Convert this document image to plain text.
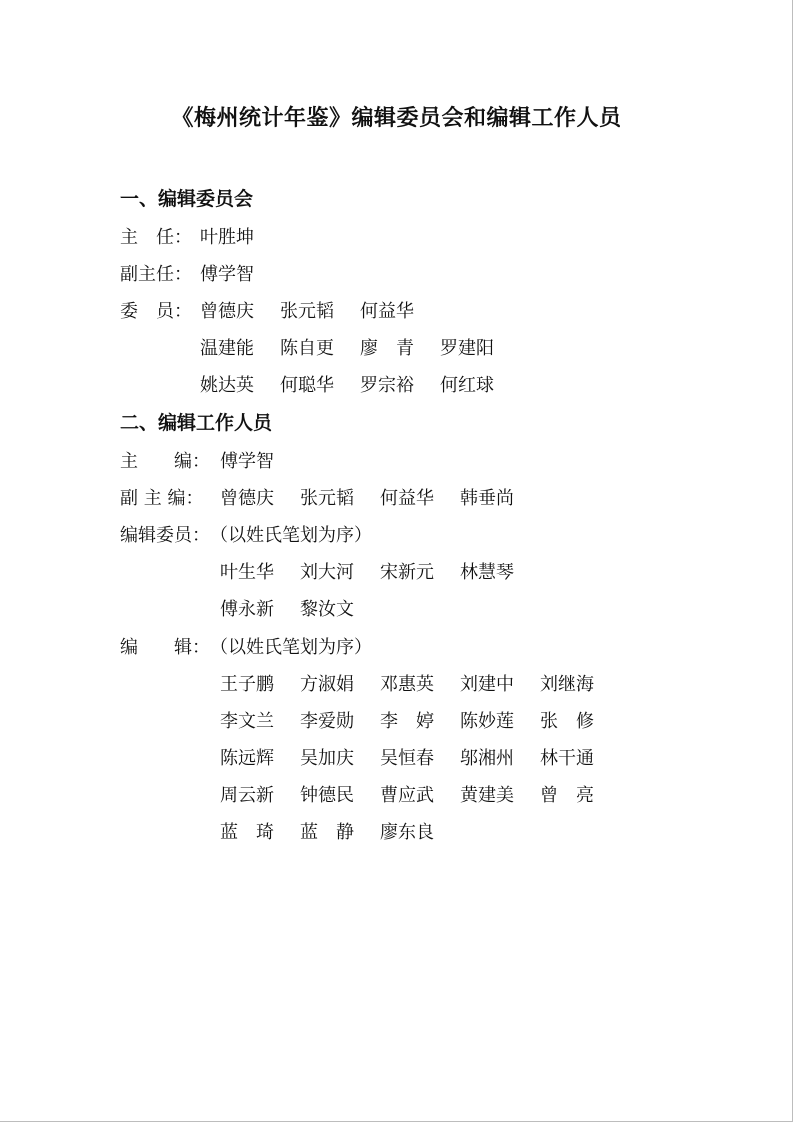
《梅州统计年鉴》编辑委员会和编辑工作人员
一、编辑委员会
主　任： 叶胜坤
副主任： 傅学智
委　员： 曾德庆 张元韬 何益华
温建能 陈自更 廖　青 罗建阳
姚达英 何聪华 罗宗裕 何红球
二、编辑工作人员
主　　编： 傅学智
副 主 编： 曾德庆 张元韬 何益华 韩垂尚
编辑委员： （以姓氏笔划为序）
叶生华 刘大河 宋新元 林慧琴
傅永新 黎汝文
编　　辑： （以姓氏笔划为序）
王子鹏 方淑娟 邓惠英 刘建中 刘继海
李文兰 李爱勋 李　婷 陈妙莲 张　修
陈远辉 吴加庆 吴恒春 邬湘州 林干通
周云新 钟德民 曹应武 黄建美 曾　亮
蓝　琦 蓝　静 廖东良
